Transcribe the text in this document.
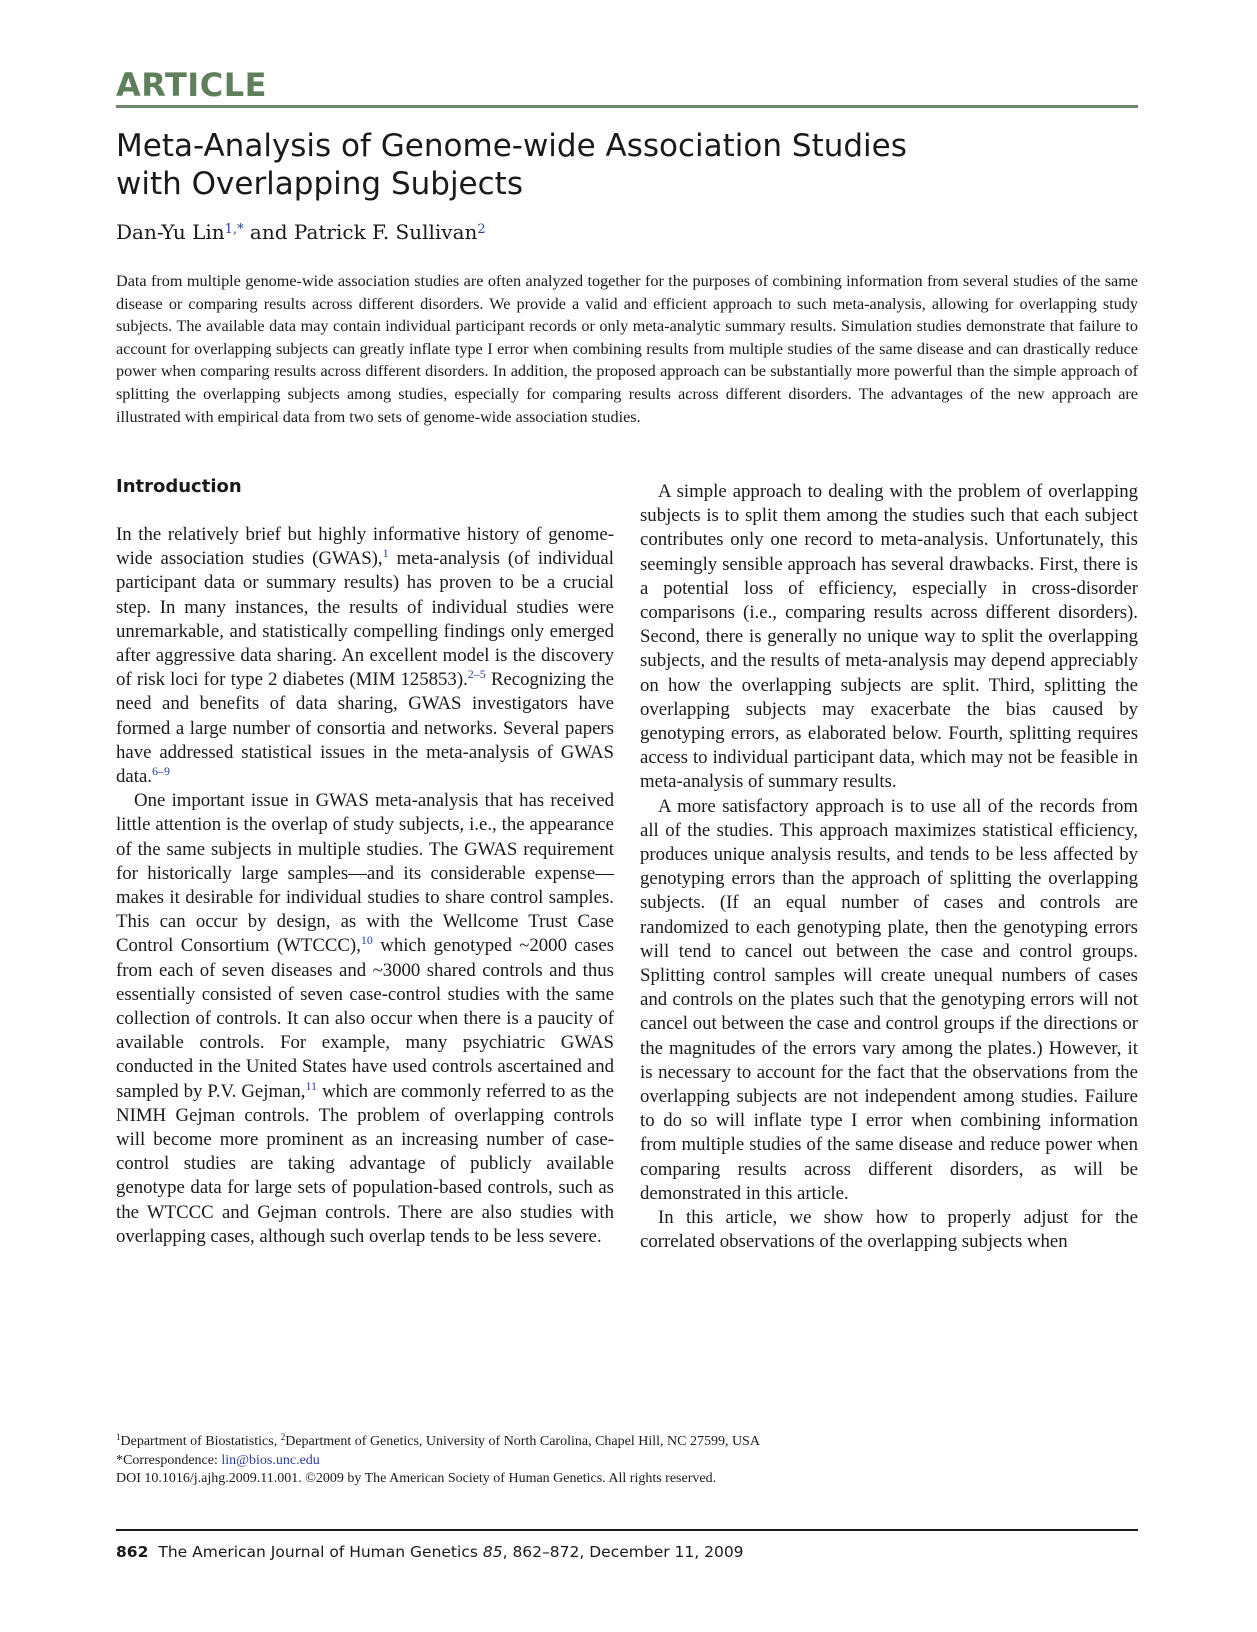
ARTICLE
Meta-Analysis of Genome-wide Association Studies
with Overlapping Subjects
Dan-Yu Lin$^{1,*}$ and Patrick F. Sullivan$^2$

Data from multiple genome-wide association studies are often analyzed together for the purposes of combining information from several studies of the same disease or comparing results across different disorders. We provide a valid and efficient approach to such meta-analysis, allowing for overlapping study subjects. The available data may contain individual participant records or only meta-analytic summary results. Simulation studies demonstrate that failure to account for overlapping subjects can greatly inflate type I error when combining results from multiple studies of the same disease and can drastically reduce power when comparing results across different disorders. In addition, the proposed approach can be substantially more powerful than the simple approach of splitting the overlapping subjects among studies, especially for comparing results across different disorders. The advantages of the new approach are illustrated with empirical data from two sets of genome-wide association studies.

Introduction

In the relatively brief but highly informative history of genome-wide association studies (GWAS),$^1$ meta-analysis (of individual participant data or summary results) has proven to be a crucial step. In many instances, the results of individual studies were unremarkable, and statistically compelling findings only emerged after aggressive data sharing. An excellent model is the discovery of risk loci for type 2 diabetes (MIM 125853).$^{2-5}$ Recognizing the need and benefits of data sharing, GWAS investigators have formed a large number of consortia and networks. Several papers have addressed statistical issues in the meta-analysis of GWAS data.$^{6-9}$

One important issue in GWAS meta-analysis that has received little attention is the overlap of study subjects, i.e., the appearance of the same subjects in multiple studies. The GWAS requirement for historically large samples—and its considerable expense—makes it desirable for individual studies to share control samples. This can occur by design, as with the Wellcome Trust Case Control Consortium (WTCCC),$^{10}$ which genotyped ~2000 cases from each of seven diseases and ~3000 shared controls and thus essentially consisted of seven case-control studies with the same collection of controls. It can also occur when there is a paucity of available controls. For example, many psychiatric GWAS conducted in the United States have used controls ascertained and sampled by P.V. Gejman,$^{11}$ which are commonly referred to as the NIMH Gejman controls. The problem of overlapping controls will become more prominent as an increasing number of case-control studies are taking advantage of publicly available genotype data for large sets of population-based controls, such as the WTCCC and Gejman controls. There are also studies with overlapping cases, although such overlap tends to be less severe.

A simple approach to dealing with the problem of overlapping subjects is to split them among the studies such that each subject contributes only one record to meta-analysis. Unfortunately, this seemingly sensible approach has several drawbacks. First, there is a potential loss of efficiency, especially in cross-disorder comparisons (i.e., comparing results across different disorders). Second, there is generally no unique way to split the overlapping subjects, and the results of meta-analysis may depend appreciably on how the overlapping subjects are split. Third, splitting the overlapping subjects may exacerbate the bias caused by genotyping errors, as elaborated below. Fourth, splitting requires access to individual participant data, which may not be feasible in meta-analysis of summary results.

A more satisfactory approach is to use all of the records from all of the studies. This approach maximizes statistical efficiency, produces unique analysis results, and tends to be less affected by genotyping errors than the approach of splitting the overlapping subjects. (If an equal number of cases and controls are randomized to each genotyping plate, then the genotyping errors will tend to cancel out between the case and control groups. Splitting control samples will create unequal numbers of cases and controls on the plates such that the genotyping errors will not cancel out between the case and control groups if the directions or the magnitudes of the errors vary among the plates.) However, it is necessary to account for the fact that the observations from the overlapping subjects are not independent among studies. Failure to do so will inflate type I error when combining information from multiple studies of the same disease and reduce power when comparing results across different disorders, as will be demonstrated in this article.

In this article, we show how to properly adjust for the correlated observations of the overlapping subjects when

$^1$Department of Biostatistics, $^2$Department of Genetics, University of North Carolina, Chapel Hill, NC 27599, USA
*Correspondence: lin@bios.unc.edu
DOI 10.1016/j.ajhg.2009.11.001. ©2009 by The American Society of Human Genetics. All rights reserved.
862 The American Journal of Human Genetics 85, 862–872, December 11, 2009
